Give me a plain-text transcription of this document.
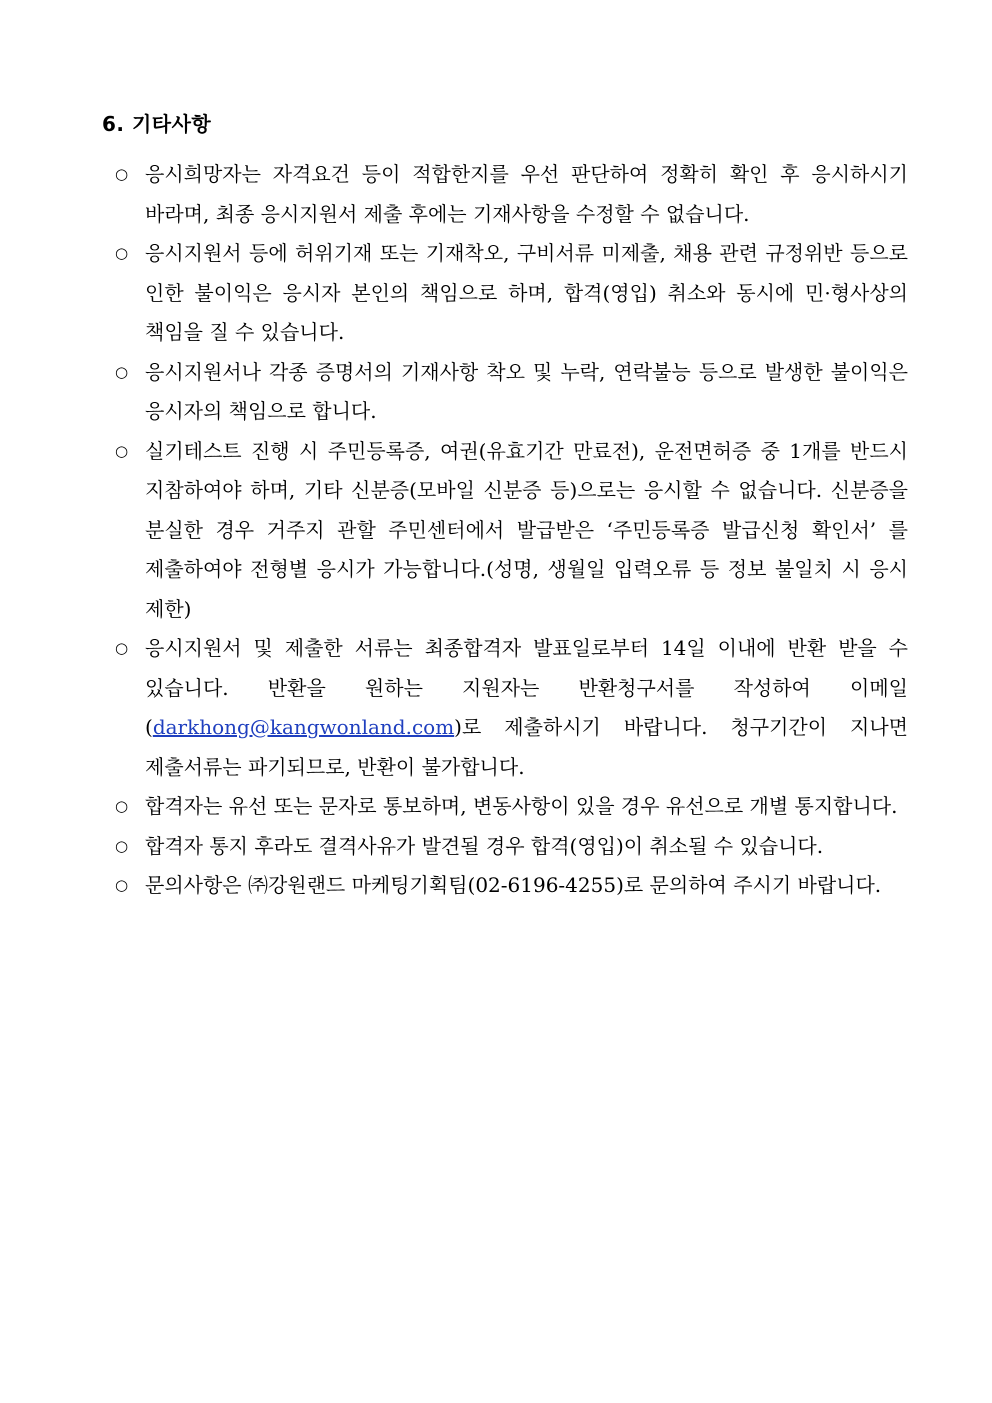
6. 기타사항
○ 응시희망자는 자격요건 등이 적합한지를 우선 판단하여 정확히 확인 후 응시하시기 바라며, 최종 응시지원서 제출 후에는 기재사항을 수정할 수 없습니다.
○ 응시지원서 등에 허위기재 또는 기재착오, 구비서류 미제출, 채용 관련 규정위반 등으로 인한 불이익은 응시자 본인의 책임으로 하며, 합격(영입) 취소와 동시에 민·형사상의 책임을 질 수 있습니다.
○ 응시지원서나 각종 증명서의 기재사항 착오 및 누락, 연락불능 등으로 발생한 불이익은 응시자의 책임으로 합니다.
○ 실기테스트 진행 시 주민등록증, 여권(유효기간 만료전), 운전면허증 중 1개를 반드시 지참하여야 하며, 기타 신분증(모바일 신분증 등)으로는 응시할 수 없습니다. 신분증을 분실한 경우 거주지 관할 주민센터에서 발급받은 ‘주민등록증 발급신청 확인서’ 를 제출하여야 전형별 응시가 가능합니다.(성명, 생월일 입력오류 등 정보 불일치 시 응시 제한)
○ 응시지원서 및 제출한 서류는 최종합격자 발표일로부터 14일 이내에 반환 받을 수 있습니다. 반환을 원하는 지원자는 반환청구서를 작성하여 이메일 (darkhong@kangwonland.com)로 제출하시기 바랍니다. 청구기간이 지나면 제출서류는 파기되므로, 반환이 불가합니다.
○ 합격자는 유선 또는 문자로 통보하며, 변동사항이 있을 경우 유선으로 개별 통지합니다.
○ 합격자 통지 후라도 결격사유가 발견될 경우 합격(영입)이 취소될 수 있습니다.
○ 문의사항은 ㈜강원랜드 마케팅기획팀(02-6196-4255)로 문의하여 주시기 바랍니다.
